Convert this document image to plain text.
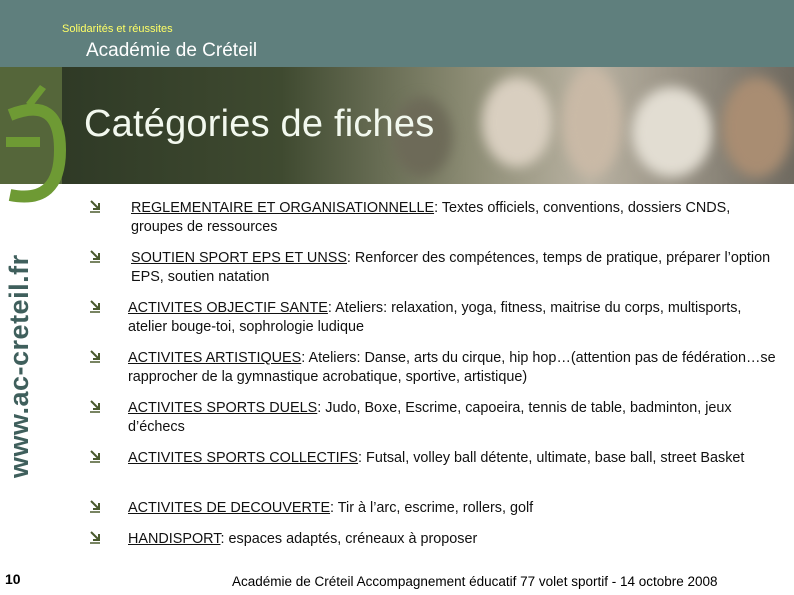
Solidarités et réussites
Académie de Créteil
Catégories de fiches
www.ac-creteil.fr
REGLEMENTAIRE ET ORGANISATIONNELLE: Textes officiels, conventions, dossiers CNDS, groupes de ressources
SOUTIEN SPORT EPS ET UNSS: Renforcer des compétences, temps de pratique, préparer l’option EPS, soutien natation
ACTIVITES OBJECTIF SANTE: Ateliers: relaxation, yoga, fitness, maitrise du corps, multisports, atelier bouge-toi, sophrologie ludique
ACTIVITES ARTISTIQUES: Ateliers: Danse, arts du cirque, hip hop…(attention pas de fédération…se rapprocher de la gymnastique acrobatique, sportive, artistique)
ACTIVITES SPORTS DUELS: Judo, Boxe, Escrime, capoeira, tennis de table, badminton, jeux d’échecs
ACTIVITES SPORTS COLLECTIFS: Futsal, volley ball détente, ultimate, base ball, street Basket
ACTIVITES DE DECOUVERTE: Tir à l’arc, escrime, rollers, golf
HANDISPORT: espaces adaptés, créneaux à proposer
10	Académie de Créteil Accompagnement éducatif 77 volet sportif - 14 octobre 2008
